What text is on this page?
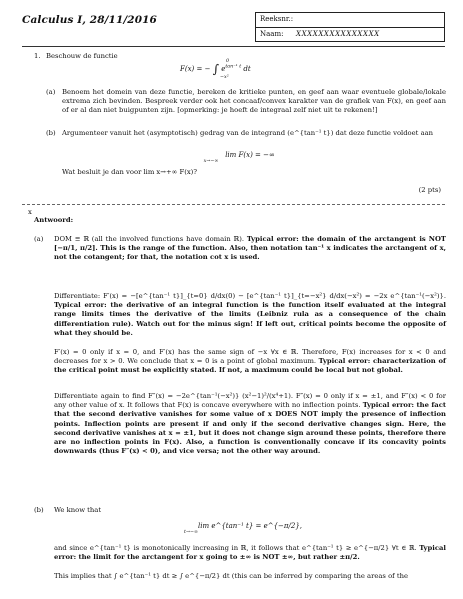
Calculus I, 28/11/2016	Reeksnr.:
Naam:	XXXXXXXXXXXXXXX
1. Beschouw de functie
F(x) = − ∫ $e^{tan^{-1} t}$ dt
0
−x²
(a) Benoem het domein van deze functie, bereken de kritieke punten, en geef aan waar eventuele globale/lokale extrema zich bevinden. Bespreek verder ook het concaaf/convex karakter van de grafiek van F(x), en geef aan of er al dan niet buigpunten zijn. [opmerking: je hoeft de integraal zelf niet uit te rekenen!]
(b) Argumenteer vanuit het (asymptotisch) gedrag van de integrand (e^{tan⁻¹ t}) dat deze functie voldoet aan
lim F(x) = −∞
x→−∞
Wat besluit je dan voor lim x→+∞ F(x)?
(2 pts)
x
Antwoord:
(a) DOM ≡ ℝ (all the involved functions have domain ℝ). Typical error: the domain of the arctangent is NOT [−π/1, π/2]. This is the range of the function. Also, then notation tan⁻¹ x indicates the arctangent of x, not the cotangent; for that, the notation cot x is used.
Differentiate: F′(x) = −[e^{tan⁻¹ t}]_{t=0} d/dx(0) − [e^{tan⁻¹ t}]_{t=−x²} d/dx(−x²) = −2x e^{tan⁻¹(−x²)}. Typical error: the derivative of an integral function is the function itself evaluated at the integral range limits times the derivative of the limits (Leibniz rula as a consequence of the chain differentiation rule). Watch out for the minus sign! If left out, critical points become the opposite of what they should be.
F′(x) = 0 only if x = 0, and F′(x) has the same sign of −x ∀x ∈ ℝ. Therefore, F(x) increases for x < 0 and decreases for x > 0. We conclude that x = 0 is a point of global maximum. Typical error: characterization of the critical point must be explicitly stated. If not, a maximum could be local but not global.
Differentiate again to find F″(x) = −2e^{tan⁻¹(−x²)} (x²−1)²/(x⁴+1). F″(x) = 0 only if x = ±1, and F″(x) < 0 for any other value of x. It follows that F(x) is concave everywhere with no inflection points. Typical error: the fact that the second derivative vanishes for some value of x DOES NOT imply the presence of inflection points. Inflection points are present if and only if the second derivative changes sign. Here, the second derivative vanishes at x = ±1, but it does not change sign around these points, therefore there are no inflection points in F(x). Also, a function is conventionally concave if its concavity points downwards (thus F″(x) < 0), and vice versa; not the other way around.
(b) We know that
lim e^{tan⁻¹ t} = e^{−π/2},
t→−∞
and since e^{tan⁻¹ t} is monotonically increasing in ℝ, it follows that e^{tan⁻¹ t} ≥ e^{−π/2} ∀t ∈ ℝ. Typical error: the limit for the arctangent for x going to ±∞ is NOT ±∞, but rather ±π/2.
This implies that ∫ e^{tan⁻¹ t} dt ≥ ∫ e^{−π/2} dt (this can be inferred by comparing the areas of the
